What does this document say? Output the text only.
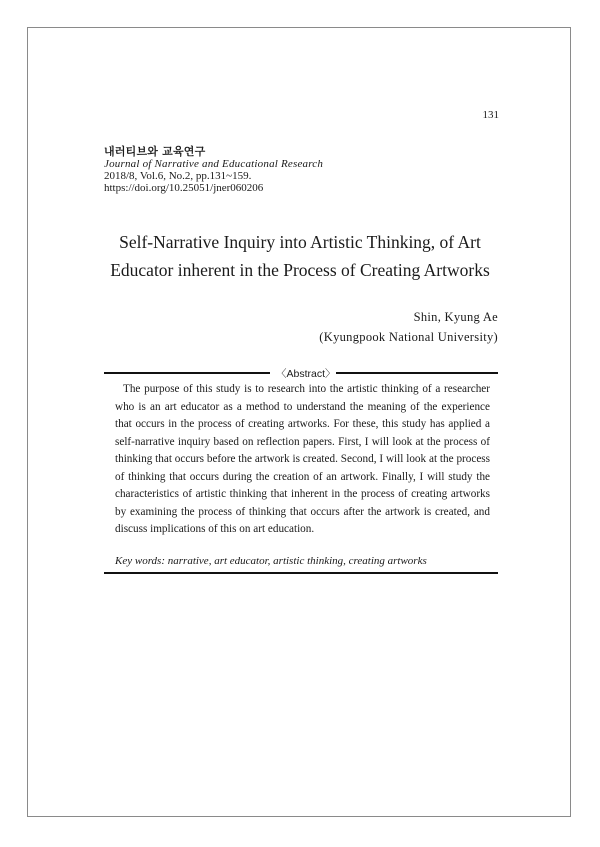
131
내러티브와 교육연구
Journal of Narrative and Educational Research
2018/8, Vol.6, No.2, pp.131~159.
https://doi.org/10.25051/jner060206
Self-Narrative Inquiry into Artistic Thinking, of Art
Educator inherent in the Process of Creating Artworks
Shin, Kyung Ae
(Kyungpook National University)
〈Abstract〉

The purpose of this study is to research into the artistic thinking of a researcher who is an art educator as a method to understand the meaning of the experience that occurs in the process of creating artworks. For these, this study has applied a self-narrative inquiry based on reflection papers. First, I will look at the process of thinking that occurs before the artwork is created. Second, I will look at the process of thinking that occurs during the creation of an artwork. Finally, I will study the characteristics of artistic thinking that inherent in the process of creating artworks by examining the process of thinking that occurs after the artwork is created, and discuss implications of this on art education.

Key words: narrative, art educator, artistic thinking, creating artworks
